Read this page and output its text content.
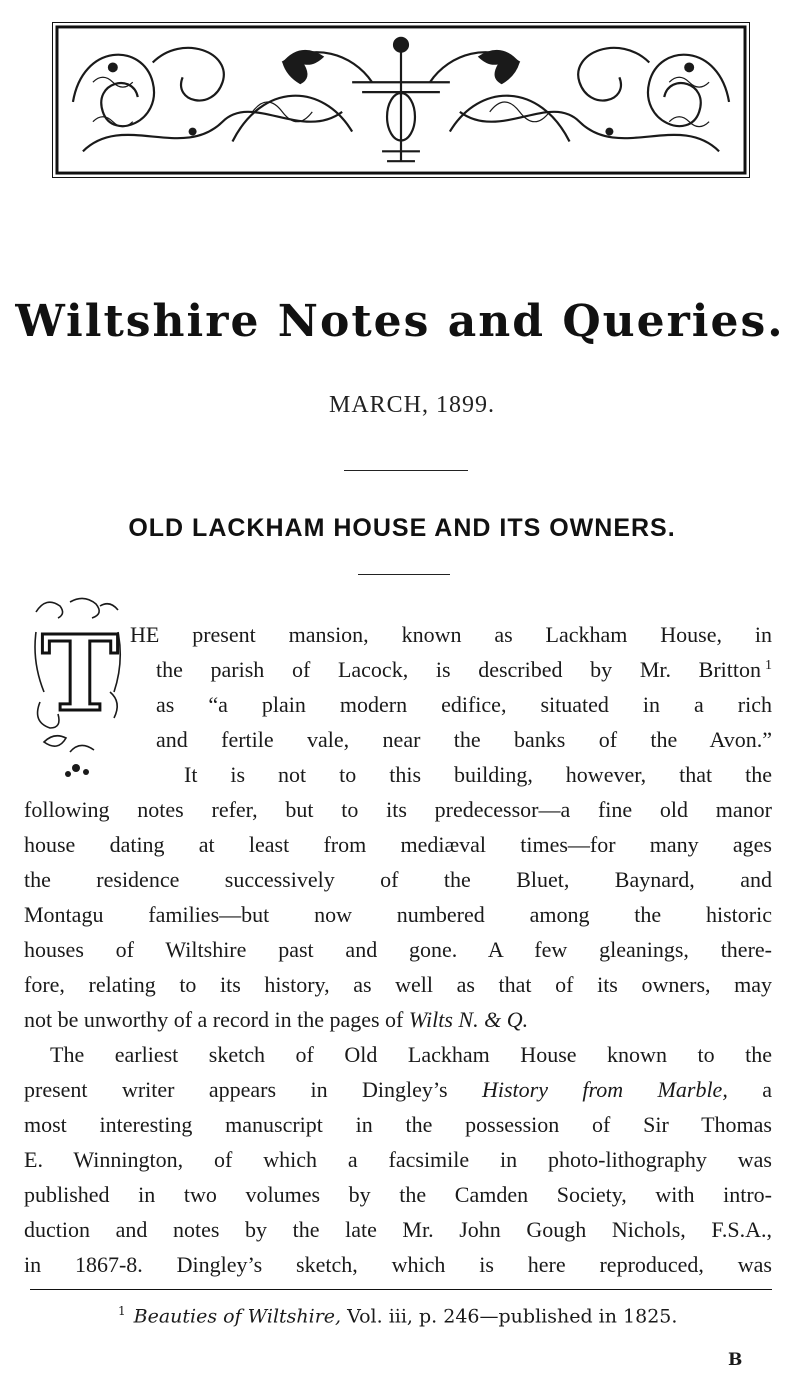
Wiltshire Notes and Queries.
MARCH, 1899.
OLD LACKHAM HOUSE AND ITS OWNERS.
T HE present mansion, known as Lackham House, in
the parish of Lacock, is described by Mr. Britton $^1$
as “a plain modern edifice, situated in a rich
and fertile vale, near the banks of the Avon.”
It is not to this building, however, that the
following notes refer, but to its predecessor—a fine old manor
house dating at least from mediæval times—for many ages
the residence successively of the Bluet, Baynard, and
Montagu families—but now numbered among the historic
houses of Wiltshire past and gone. A few gleanings, there-
fore, relating to its history, as well as that of its owners, may
not be unworthy of a record in the pages of Wilts N. & Q.
The earliest sketch of Old Lackham House known to the
present writer appears in Dingley’s History from Marble, a
most interesting manuscript in the possession of Sir Thomas
E. Winnington, of which a facsimile in photo-lithography was
published in two volumes by the Camden Society, with intro-
duction and notes by the late Mr. John Gough Nichols, F.S.A.,
in 1867-8. Dingley’s sketch, which is here reproduced, was
$^1$ Beauties of Wiltshire, Vol. iii, p. 246—published in 1825.
B
